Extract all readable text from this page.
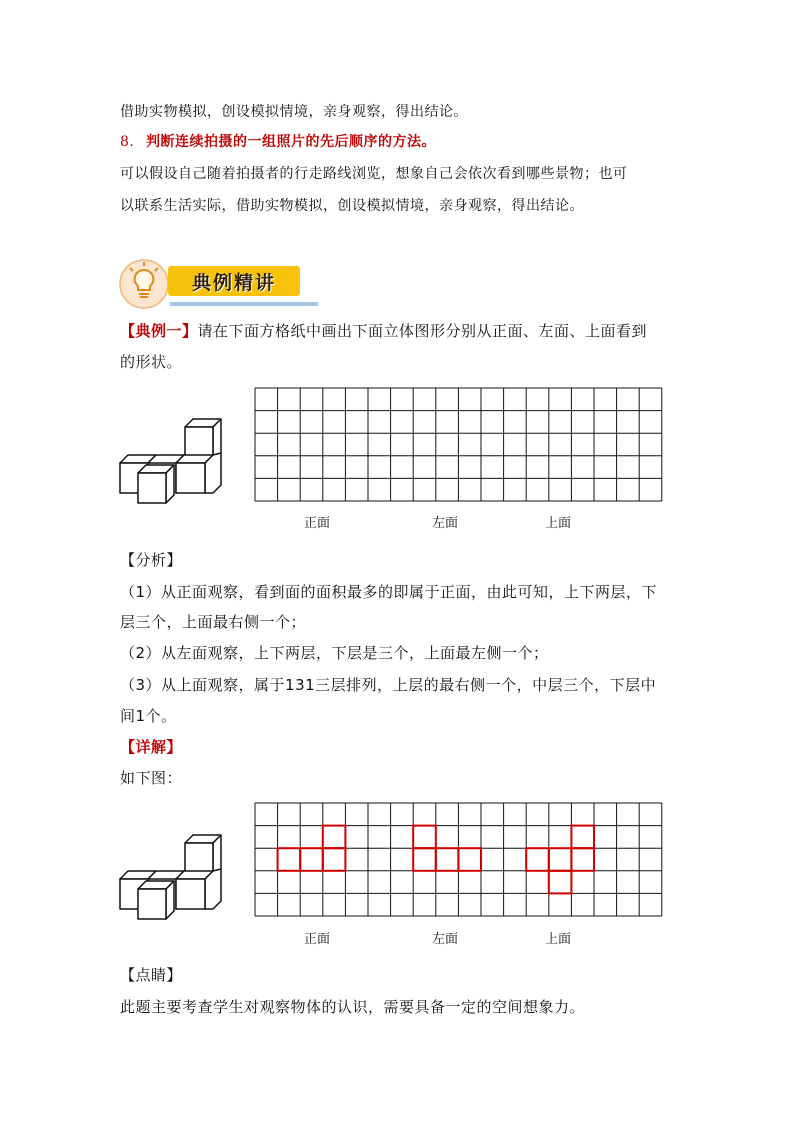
借助实物模拟，创设模拟情境，亲身观察，得出结论。
8. 判断连续拍摄的一组照片的先后顺序的方法。
可以假设自己随着拍摄者的行走路线浏览，想象自己会依次看到哪些景物；也可
以联系生活实际，借助实物模拟，创设模拟情境，亲身观察，得出结论。
典例精讲
【典例一】请在下面方格纸中画出下面立体图形分别从正面、左面、上面看到
的形状。
正面	左面	上面
【分析】
（1）从正面观察，看到面的面积最多的即属于正面，由此可知，上下两层，下
层三个，上面最右侧一个；
（2）从左面观察，上下两层，下层是三个，上面最左侧一个；
（3）从上面观察，属于131三层排列，上层的最右侧一个，中层三个，下层中
间1个。
【详解】
如下图：
正面	左面	上面
【点睛】
此题主要考查学生对观察物体的认识，需要具备一定的空间想象力。
